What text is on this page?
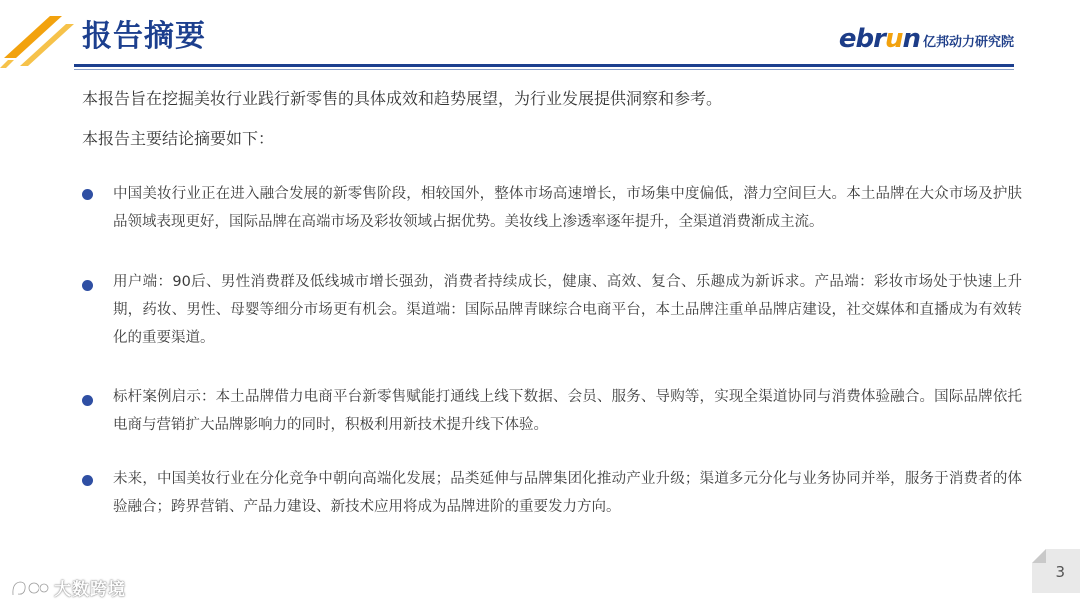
报告摘要	ebrun 亿邦动力研究院
本报告旨在挖掘美妆行业践行新零售的具体成效和趋势展望，为行业发展提供洞察和参考。
本报告主要结论摘要如下：
中国美妆行业正在进入融合发展的新零售阶段，相较国外，整体市场高速增长，市场集中度偏低，潜力空间巨大。本土品牌在大众市场及护肤品领域表现更好，国际品牌在高端市场及彩妆领域占据优势。美妆线上渗透率逐年提升，全渠道消费渐成主流。
用户端：90后、男性消费群及低线城市增长强劲，消费者持续成长，健康、高效、复合、乐趣成为新诉求。产品端：彩妆市场处于快速上升期，药妆、男性、母婴等细分市场更有机会。渠道端：国际品牌青睐综合电商平台，本土品牌注重单品牌店建设，社交媒体和直播成为有效转化的重要渠道。
标杆案例启示：本土品牌借力电商平台新零售赋能打通线上线下数据、会员、服务、导购等，实现全渠道协同与消费体验融合。国际品牌依托电商与营销扩大品牌影响力的同时，积极利用新技术提升线下体验。
未来，中国美妆行业在分化竞争中朝向高端化发展；品类延伸与品牌集团化推动产业升级；渠道多元分化与业务协同并举，服务于消费者的体验融合；跨界营销、产品力建设、新技术应用将成为品牌进阶的重要发力方向。
3
大数跨境
